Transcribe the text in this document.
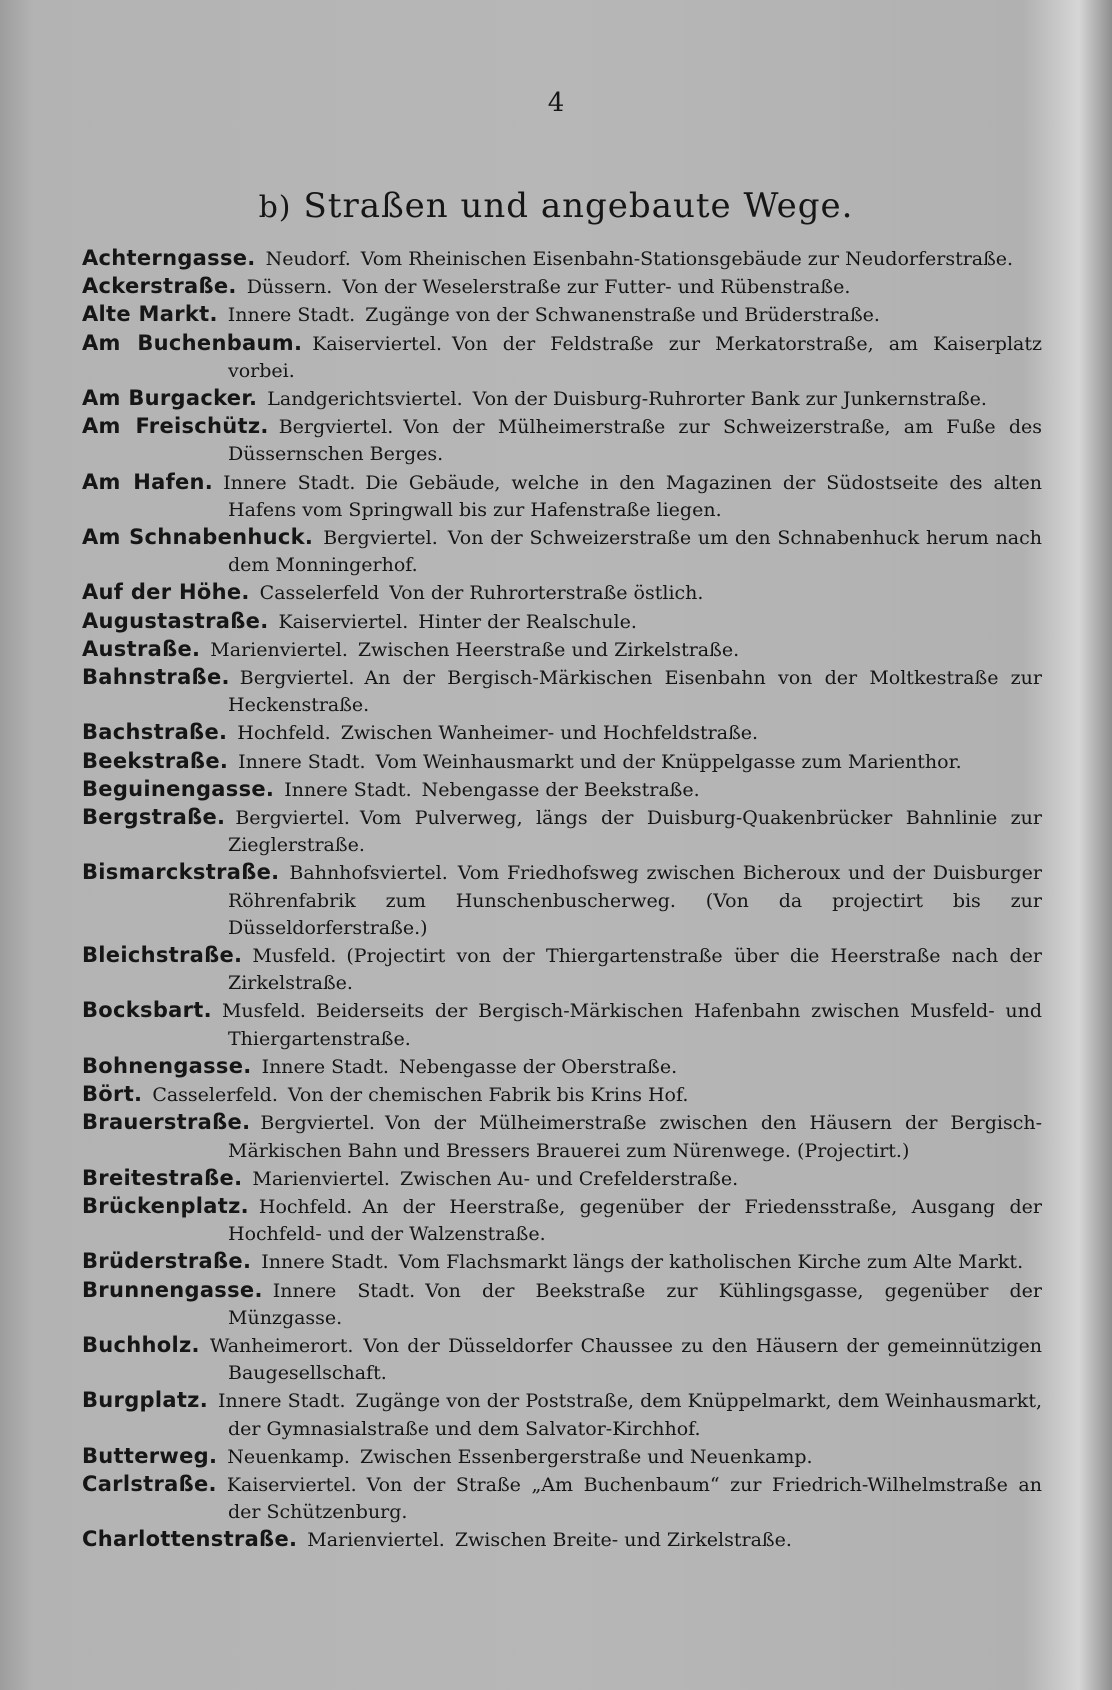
4
b) Straßen und angebaute Wege.

Achterngasse. Neudorf. Vom Rheinischen Eisenbahn-Stationsgebäude zur Neudorferstraße.

Ackerstraße. Düssern. Von der Weselerstraße zur Futter- und Rübenstraße.

Alte Markt. Innere Stadt. Zugänge von der Schwanenstraße und Brüderstraße.

Am Buchenbaum. Kaiserviertel. Von der Feldstraße zur Merkatorstraße, am Kaiserplatz vorbei.

Am Burgacker. Landgerichtsviertel. Von der Duisburg-Ruhrorter Bank zur Junkernstraße.

Am Freischütz. Bergviertel. Von der Mülheimerstraße zur Schweizerstraße, am Fuße des Düssernschen Berges.

Am Hafen. Innere Stadt. Die Gebäude, welche in den Magazinen der Südostseite des alten Hafens vom Springwall bis zur Hafenstraße liegen.

Am Schnabenhuck. Bergviertel. Von der Schweizerstraße um den Schnabenhuck herum nach dem Monningerhof.

Auf der Höhe. Casselerfeld Von der Ruhrorterstraße östlich.

Augustastraße. Kaiserviertel. Hinter der Realschule.

Austraße. Marienviertel. Zwischen Heerstraße und Zirkelstraße.

Bahnstraße. Bergviertel. An der Bergisch-Märkischen Eisenbahn von der Moltkestraße zur Heckenstraße.

Bachstraße. Hochfeld. Zwischen Wanheimer- und Hochfeldstraße.

Beekstraße. Innere Stadt. Vom Weinhausmarkt und der Knüppelgasse zum Marienthor.

Beguinengasse. Innere Stadt. Nebengasse der Beekstraße.

Bergstraße. Bergviertel. Vom Pulverweg, längs der Duisburg-Quakenbrücker Bahnlinie zur Zieglerstraße.

Bismarckstraße. Bahnhofsviertel. Vom Friedhofsweg zwischen Bicheroux und der Duisburger Röhrenfabrik zum Hunschenbuscherweg. (Von da projectirt bis zur Düsseldorferstraße.)

Bleichstraße. Musfeld. (Projectirt von der Thiergartenstraße über die Heerstraße nach der Zirkelstraße.

Bocksbart. Musfeld. Beiderseits der Bergisch-Märkischen Hafenbahn zwischen Musfeld- und Thiergartenstraße.

Bohnengasse. Innere Stadt. Nebengasse der Oberstraße.

Bört. Casselerfeld. Von der chemischen Fabrik bis Krins Hof.

Brauerstraße. Bergviertel. Von der Mülheimerstraße zwischen den Häusern der Bergisch-Märkischen Bahn und Bressers Brauerei zum Nürenwege. (Projectirt.)

Breitestraße. Marienviertel. Zwischen Au- und Crefelderstraße.

Brückenplatz. Hochfeld. An der Heerstraße, gegenüber der Friedensstraße, Ausgang der Hochfeld- und der Walzenstraße.

Brüderstraße. Innere Stadt. Vom Flachsmarkt längs der katholischen Kirche zum Alte Markt.

Brunnengasse. Innere Stadt. Von der Beekstraße zur Kühlingsgasse, gegenüber der Münzgasse.

Buchholz. Wanheimerort. Von der Düsseldorfer Chaussee zu den Häusern der gemeinnützigen Baugesellschaft.

Burgplatz. Innere Stadt. Zugänge von der Poststraße, dem Knüppelmarkt, dem Weinhausmarkt, der Gymnasialstraße und dem Salvator-Kirchhof.

Butterweg. Neuenkamp. Zwischen Essenbergerstraße und Neuenkamp.

Carlstraße. Kaiserviertel. Von der Straße „Am Buchenbaum“ zur Friedrich-Wilhelmstraße an der Schützenburg.

Charlottenstraße. Marienviertel. Zwischen Breite- und Zirkelstraße.
